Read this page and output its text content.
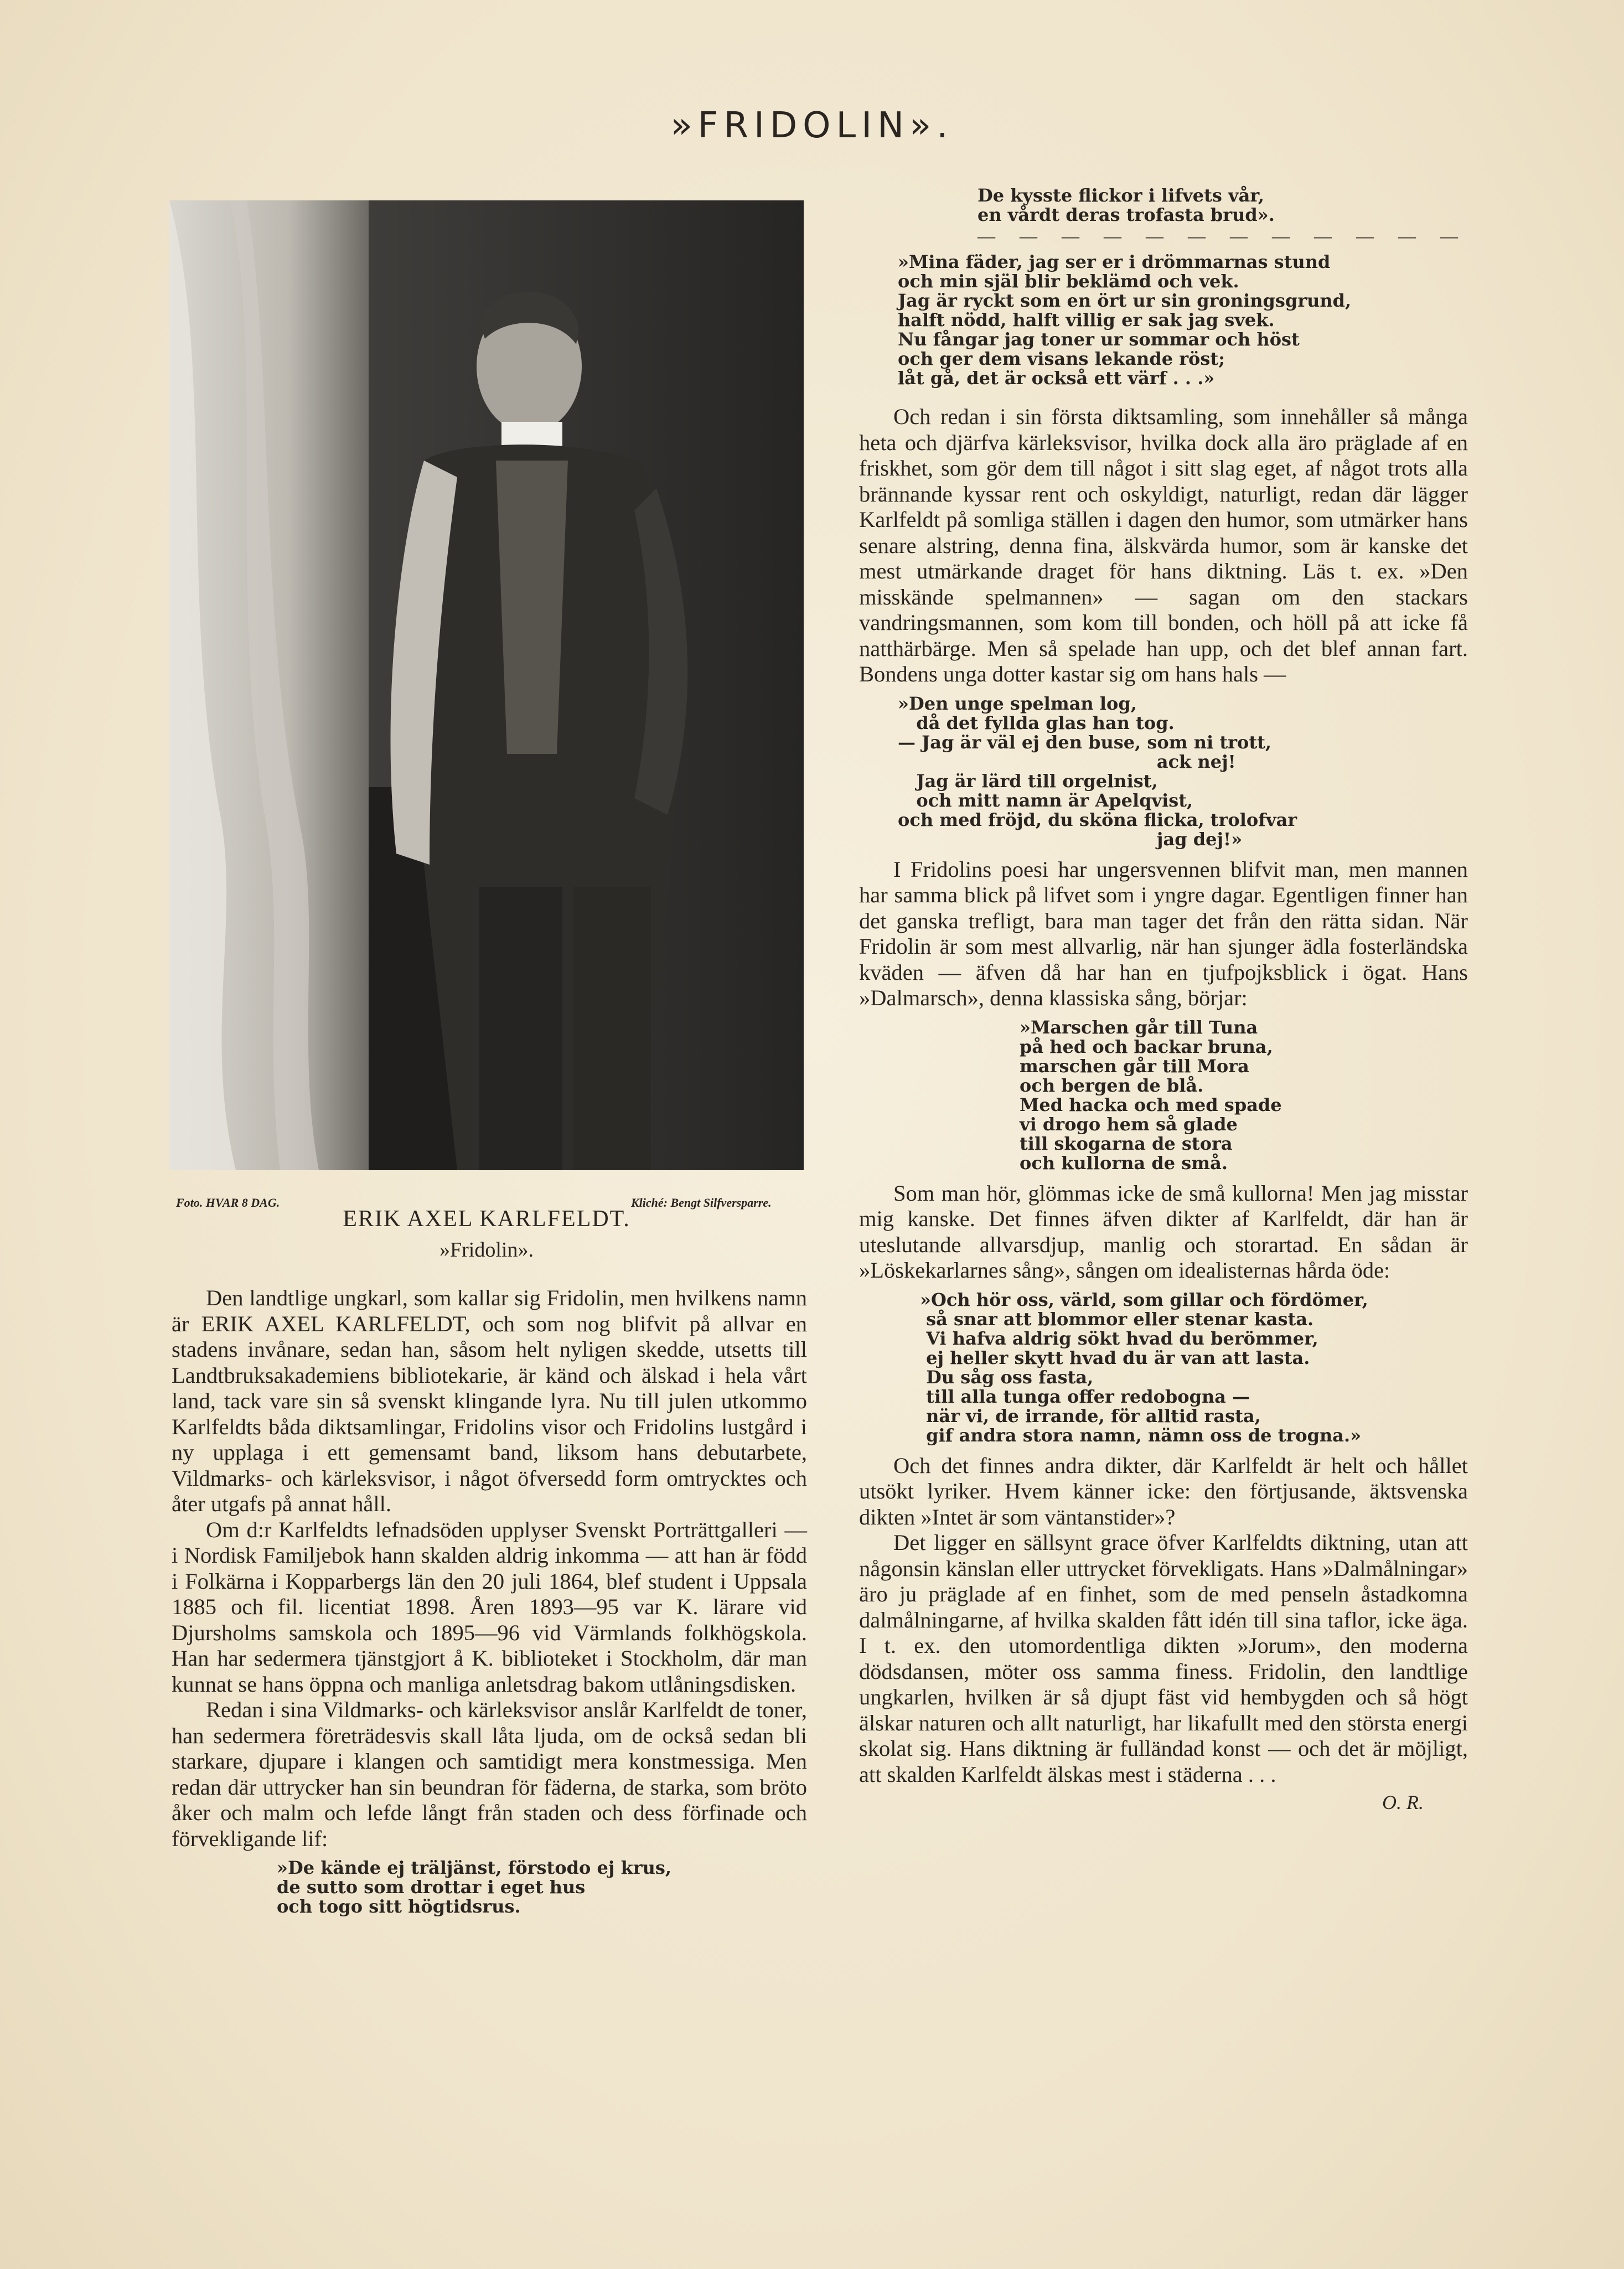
»FRIDOLIN».
De kysste flickor i lifvets vår,
en vårdt deras trofasta brud».
— — — — — — — — — — — —
»Mina fäder, jag ser er i drömmarnas stund
och min själ blir beklämd och vek.
Jag är ryckt som en ört ur sin groningsgrund,
halft nödd, halft villig er sak jag svek.
Nu fångar jag toner ur sommar och höst
och ger dem visans lekande röst;
låt gå, det är också ett värf . . .»
Foto. HVAR 8 DAG.	Kliché: Bengt Silfversparre.
ERIK AXEL KARLFELDT.
»Fridolin».

Den landtlige ungkarl, som kallar sig Fridolin, men hvilkens namn är ERIK AXEL KARLFELDT, och som nog blifvit på allvar en stadens invånare, sedan han, såsom helt nyligen skedde, utsetts till Landtbruksakademiens bibliotekarie, är känd och älskad i hela vårt land, tack vare sin så svenskt klingande lyra. Nu till julen utkommo Karlfeldts båda diktsamlingar, Fridolins visor och Fridolins lustgård i ny upplaga i ett gemensamt band, liksom hans debutarbete, Vildmarks- och kärleksvisor, i något öfversedd form omtrycktes och åter utgafs på annat håll.

Om d:r Karlfeldts lefnadsöden upplyser Svenskt Porträttgalleri — i Nordisk Familjebok hann skalden aldrig inkomma — att han är född i Folkärna i Kopparbergs län den 20 juli 1864, blef student i Uppsala 1885 och fil. licentiat 1898. Åren 1893—95 var K. lärare vid Djursholms samskola och 1895—96 vid Värmlands folkhögskola. Han har sedermera tjänstgjort å K. biblioteket i Stockholm, där man kunnat se hans öppna och manliga anletsdrag bakom utlåningsdisken.

Redan i sina Vildmarks- och kärleksvisor anslår Karlfeldt de toner, han sedermera företrädesvis skall låta ljuda, om de också sedan bli starkare, djupare i klangen och samtidigt mera konstmessiga. Men redan där uttrycker han sin beundran för fäderna, de starka, som bröto åker och malm och lefde långt från staden och dess förfinade och förvekligande lif:

»De kände ej träljänst, förstodo ej krus,
de sutto som drottar i eget hus
och togo sitt högtidsrus.

Och redan i sin första diktsamling, som innehåller så många heta och djärfva kärleksvisor, hvilka dock alla äro präglade af en friskhet, som gör dem till något i sitt slag eget, af något trots alla brännande kyssar rent och oskyldigt, naturligt, redan där lägger Karlfeldt på somliga ställen i dagen den humor, som utmärker hans senare alstring, denna fina, älskvärda humor, som är kanske det mest utmärkande draget för hans diktning. Läs t. ex. »Den misskände spelmannen» — sagan om den stackars vandringsmannen, som kom till bonden, och höll på att icke få natthärbärge. Men så spelade han upp, och det blef annan fart. Bondens unga dotter kastar sig om hans hals —

»Den unge spelman log,
då det fyllda glas han tog.
— Jag är väl ej den buse, som ni trott,
ack nej!
Jag är lärd till orgelnist,
och mitt namn är Apelqvist,
och med fröjd, du sköna flicka, trolofvar
jag dej!»

I Fridolins poesi har ungersvennen blifvit man, men mannen har samma blick på lifvet som i yngre dagar. Egentligen finner han det ganska trefligt, bara man tager det från den rätta sidan. När Fridolin är som mest allvarlig, när han sjunger ädla fosterländska kväden — äfven då har han en tjufpojksblick i ögat. Hans »Dalmarsch», denna klassiska sång, börjar:

»Marschen går till Tuna
på hed och backar bruna,
marschen går till Mora
och bergen de blå.
Med hacka och med spade
vi drogo hem så glade
till skogarna de stora
och kullorna de små.

Som man hör, glömmas icke de små kullorna! Men jag misstar mig kanske. Det finnes äfven dikter af Karlfeldt, där han är uteslutande allvarsdjup, manlig och storartad. En sådan är »Löskekarlarnes sång», sången om idealisternas hårda öde:

»Och hör oss, värld, som gillar och fördömer,
så snar att blommor eller stenar kasta.
Vi hafva aldrig sökt hvad du berömmer,
ej heller skytt hvad du är van att lasta.
Du såg oss fasta,
till alla tunga offer redobogna —
när vi, de irrande, för alltid rasta,
gif andra stora namn, nämn oss de trogna.»

Och det finnes andra dikter, där Karlfeldt är helt och hållet utsökt lyriker. Hvem känner icke: den förtjusande, äktsvenska dikten »Intet är som väntanstider»?

Det ligger en sällsynt grace öfver Karlfeldts diktning, utan att någonsin känslan eller uttrycket förvekligats. Hans »Dalmålningar» äro ju präglade af en finhet, som de med penseln åstadkomna dalmålningarne, af hvilka skalden fått idén till sina taflor, icke äga. I t. ex. den utomordentliga dikten »Jorum», den moderna dödsdansen, möter oss samma finess. Fridolin, den landtlige ungkarlen, hvilken är så djupt fäst vid hembygden och så högt älskar naturen och allt naturligt, har likafullt med den största energi skolat sig. Hans diktning är fulländad konst — och det är möjligt, att skalden Karlfeldt älskas mest i städerna . . .

O. R.
